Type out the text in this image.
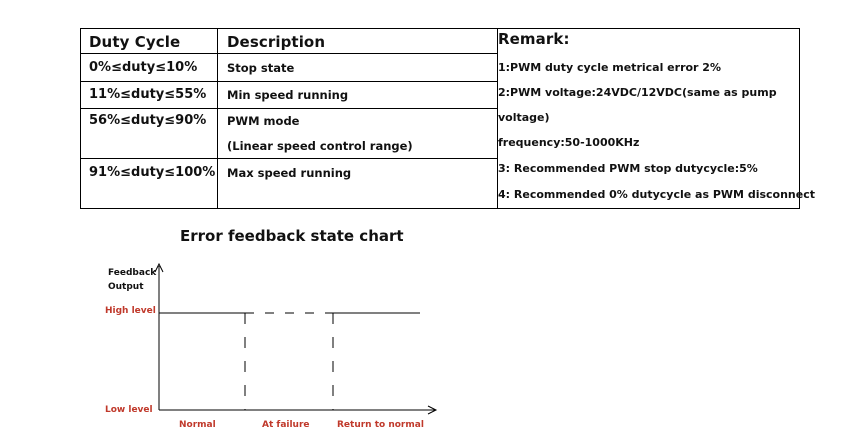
Duty Cycle	Description	Remark:
0%≤duty≤10%	Stop state
11%≤duty≤55% Min speed running
56%≤duty≤90% PWM mode
(Linear speed control range)
91%≤duty≤100% Max speed running
1:PWM duty cycle metrical error 2%
2:PWM voltage:24VDC/12VDC(same as pump
voltage)
frequency:50-1000KHz
3: Recommended PWM stop dutycycle:5%
4: Recommended 0% dutycycle as PWM disconnect
Error feedback state chart
Feedback
Output
High level
Low level
Normal	At failure	Return to normal
